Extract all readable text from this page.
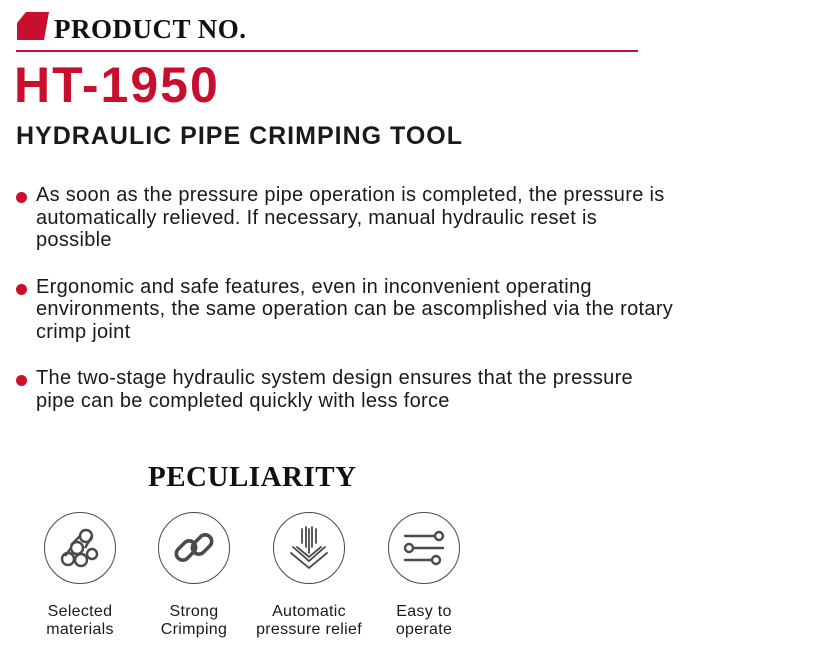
PRODUCT NO.
HT-1950
HYDRAULIC PIPE CRIMPING TOOL
As soon as the pressure pipe operation is completed, the pressure is
automatically relieved. If necessary, manual hydraulic reset is
possible
Ergonomic and safe features, even in inconvenient operating
environments, the same operation can be ascomplished via the rotary
crimp joint
The two-stage hydraulic system design ensures that the pressure
pipe can be completed quickly with less force
PECULIARITY
Selected
materials
Strong
Crimping
Automatic
pressure relief
Easy to
operate
